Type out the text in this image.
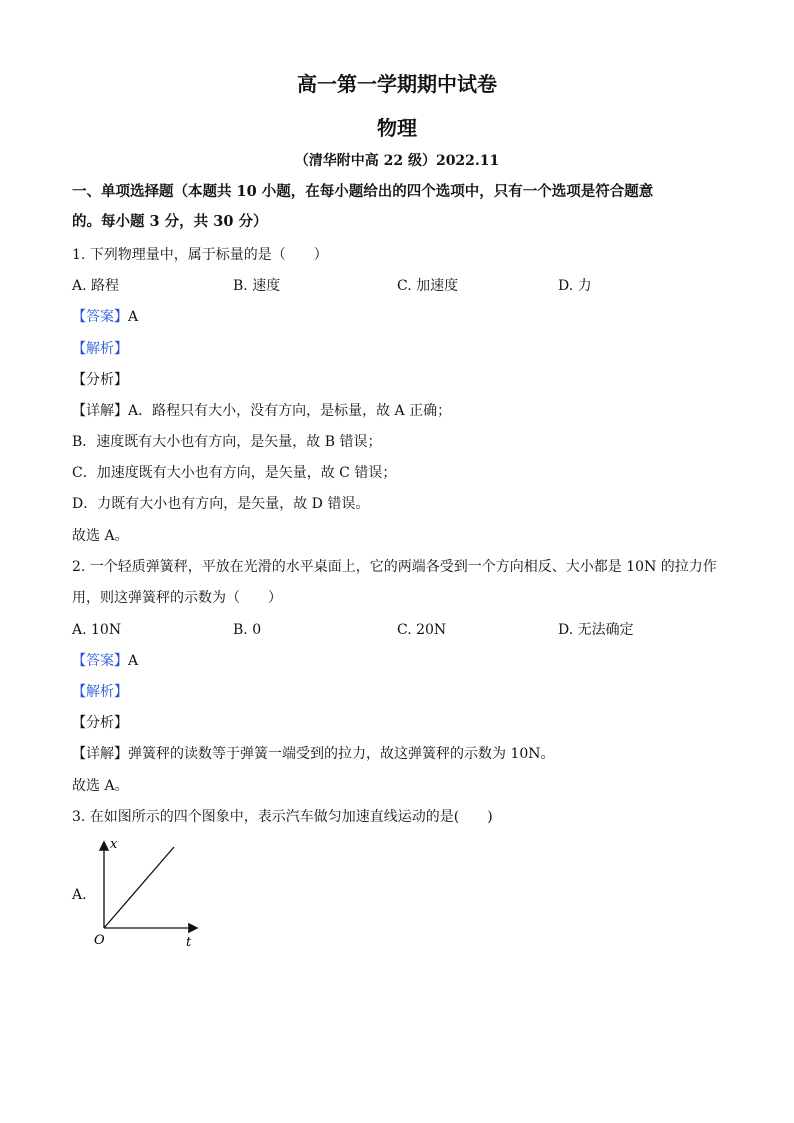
高一第一学期期中试卷
物理
（清华附中高 22 级）2022.11
一、单项选择题（本题共 10 小题，在每小题给出的四个选项中，只有一个选项是符合题意
的。每小题 3 分，共 30 分）
1. 下列物理量中，属于标量的是（　　）
A. 路程	B. 速度	C. 加速度	D. 力
【答案】A
【解析】
【分析】
【详解】A．路程只有大小，没有方向，是标量，故 A 正确；
B．速度既有大小也有方向，是矢量，故 B 错误；
C．加速度既有大小也有方向，是矢量，故 C 错误；
D．力既有大小也有方向，是矢量，故 D 错误。
故选 A。
2. 一个轻质弹簧秤，平放在光滑的水平桌面上，它的两端各受到一个方向相反、大小都是 10N 的拉力作
用，则这弹簧秤的示数为（　　）
A. 10N	B. 0	C. 20N	D. 无法确定
【答案】A
【解析】
【分析】
【详解】弹簧秤的读数等于弹簧一端受到的拉力，故这弹簧秤的示数为 10N。
故选 A。
3. 在如图所示的四个图象中，表示汽车做匀加速直线运动的是(　　)
A.
x
O	t
